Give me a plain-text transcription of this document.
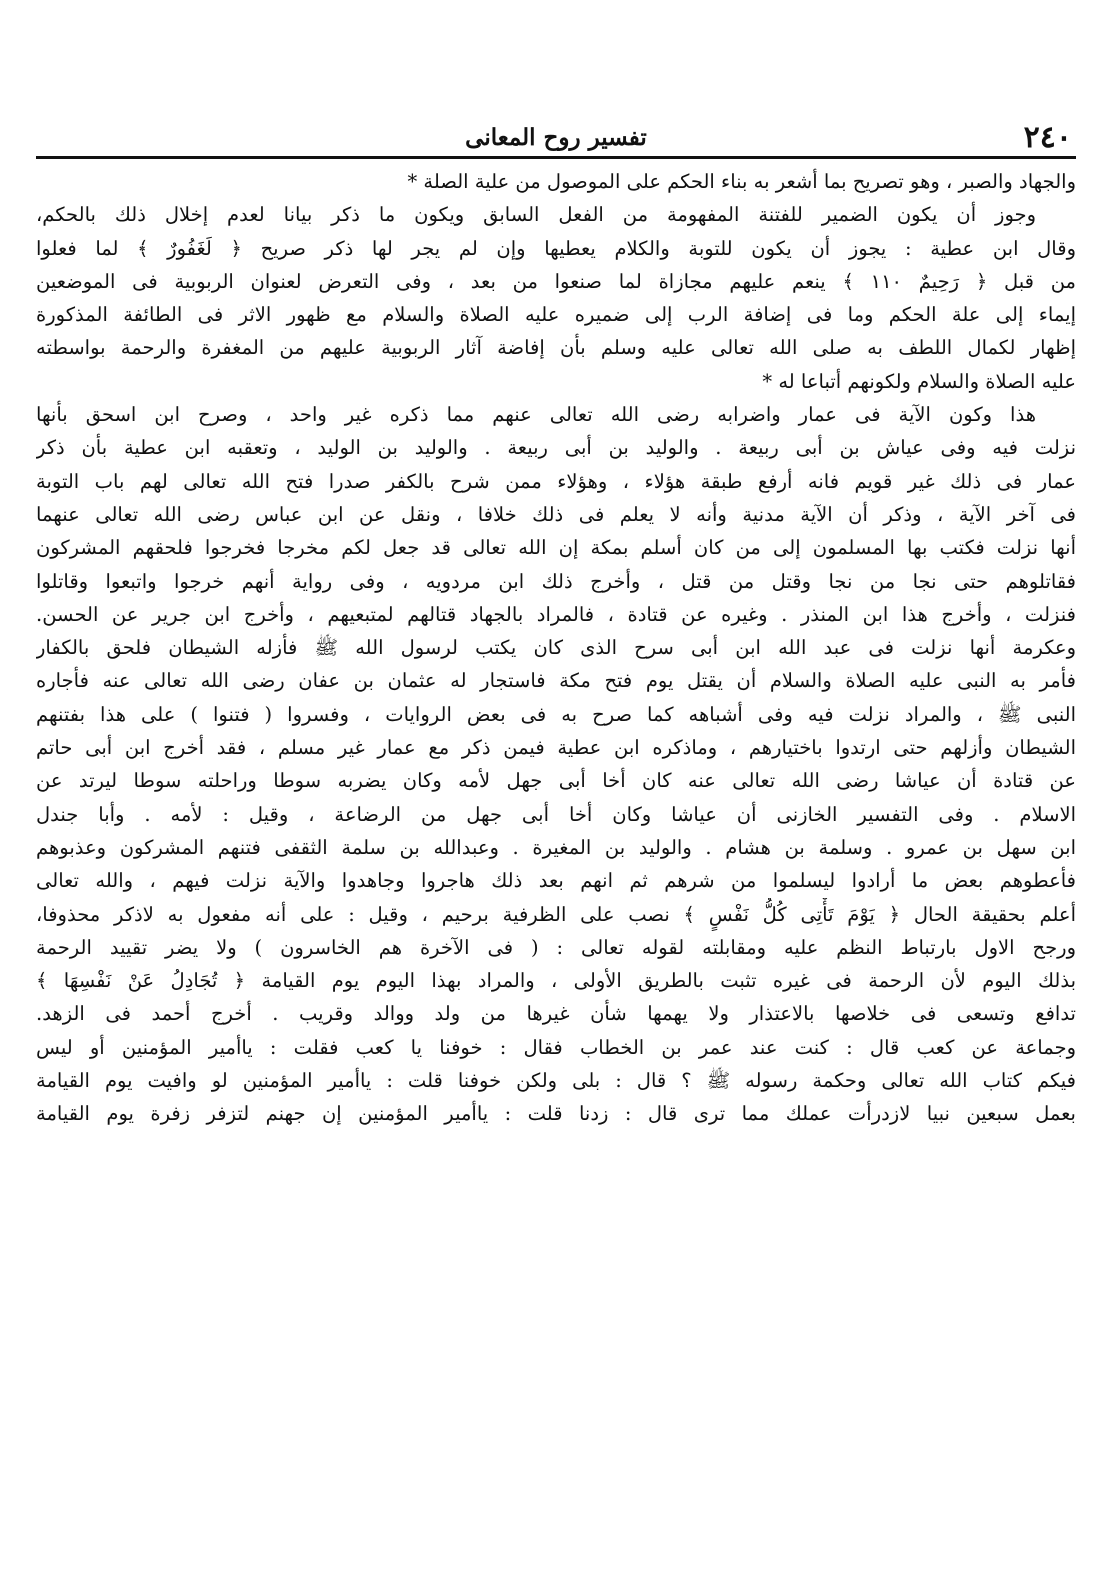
٢٤٠
تفسير روح المعانى
والجهاد والصبر ، وهو تصريح بما أشعر به بناء الحكم على الموصول من علية الصلة *
وجوز أن يكون الضمير للفتنة المفهومة من الفعل السابق ويكون ما ذكر بيانا لعدم إخلال ذلك بالحكم،
وقال ابن عطية : يجوز أن يكون للتوبة والكلام يعطيها وإن لم يجر لها ذكر صريح ﴿ لَغَفُورٌ ﴾ لما فعلوا
من قبل ﴿ رَحِيمٌ ١١٠ ﴾ ينعم عليهم مجازاة لما صنعوا من بعد ، وفى التعرض لعنوان الربوبية فى الموضعين
إيماء إلى علة الحكم وما فى إضافة الرب إلى ضميره عليه الصلاة والسلام مع ظهور الاثر فى الطائفة المذكورة
إظهار لكمال اللطف به صلى الله تعالى عليه وسلم بأن إفاضة آثار الربوبية عليهم من المغفرة والرحمة بواسطته
عليه الصلاة والسلام ولكونهم أتباعا له *
هذا وكون الآية فى عمار واضرابه رضى الله تعالى عنهم مما ذكره غير واحد ، وصرح ابن اسحق بأنها
نزلت فيه وفى عياش بن أبى ربيعة . والوليد بن أبى ربيعة . والوليد بن الوليد ، وتعقبه ابن عطية بأن ذكر
عمار فى ذلك غير قويم فانه أرفع طبقة هؤلاء ، وهؤلاء ممن شرح بالكفر صدرا فتح الله تعالى لهم باب التوبة
فى آخر الآية ، وذكر أن الآية مدنية وأنه لا يعلم فى ذلك خلافا ، ونقل عن ابن عباس رضى الله تعالى عنهما
أنها نزلت فكتب بها المسلمون إلى من كان أسلم بمكة إن الله تعالى قد جعل لكم مخرجا فخرجوا فلحقهم المشركون
فقاتلوهم حتى نجا من نجا وقتل من قتل ، وأخرج ذلك ابن مردويه ، وفى رواية أنهم خرجوا واتبعوا وقاتلوا
فنزلت ، وأخرج هذا ابن المنذر . وغيره عن قتادة ، فالمراد بالجهاد قتالهم لمتبعيهم ، وأخرج ابن جرير عن الحسن.
وعكرمة أنها نزلت فى عبد الله ابن أبى سرح الذى كان يكتب لرسول الله ﷺ فأزله الشيطان فلحق بالكفار
فأمر به النبى عليه الصلاة والسلام أن يقتل يوم فتح مكة فاستجار له عثمان بن عفان رضى الله تعالى عنه فأجاره
النبى ﷺ ، والمراد نزلت فيه وفى أشباهه كما صرح به فى بعض الروايات ، وفسروا ( فتنوا ) على هذا بفتنهم
الشيطان وأزلهم حتى ارتدوا باختيارهم ، وماذكره ابن عطية فيمن ذكر مع عمار غير مسلم ، فقد أخرج ابن أبى حاتم
عن قتادة أن عياشا رضى الله تعالى عنه كان أخا أبى جهل لأمه وكان يضربه سوطا وراحلته سوطا ليرتد عن
الاسلام . وفى التفسير الخازنى أن عياشا وكان أخا أبى جهل من الرضاعة ، وقيل : لأمه . وأبا جندل
ابن سهل بن عمرو . وسلمة بن هشام . والوليد بن المغيرة . وعبدالله بن سلمة الثقفى فتنهم المشركون وعذبوهم
فأعطوهم بعض ما أرادوا ليسلموا من شرهم ثم انهم بعد ذلك هاجروا وجاهدوا والآية نزلت فيهم ، والله تعالى
أعلم بحقيقة الحال ﴿ يَوْمَ تَأْتِى كُلُّ نَفْسٍ ﴾ نصب على الظرفية برحيم ، وقيل : على أنه مفعول به لاذكر محذوفا،
ورجح الاول بارتباط النظم عليه ومقابلته لقوله تعالى : ( فى الآخرة هم الخاسرون ) ولا يضر تقييد الرحمة
بذلك اليوم لأن الرحمة فى غيره تثبت بالطريق الأولى ، والمراد بهذا اليوم يوم القيامة ﴿ تُجَادِلُ عَنْ نَفْسِهَا ﴾
تدافع وتسعى فى خلاصها بالاعتذار ولا يهمها شأن غيرها من ولد ووالد وقريب . أخرج أحمد فى الزهد.
وجماعة عن كعب قال : كنت عند عمر بن الخطاب فقال : خوفنا يا كعب فقلت : ياأمير المؤمنين أو ليس
فيكم كتاب الله تعالى وحكمة رسوله ﷺ ؟ قال : بلى ولكن خوفنا قلت : ياأمير المؤمنين لو وافيت يوم القيامة
بعمل سبعين نبيا لازدرأت عملك مما ترى قال : زدنا قلت : ياأمير المؤمنين إن جهنم لتزفر زفرة يوم القيامة
